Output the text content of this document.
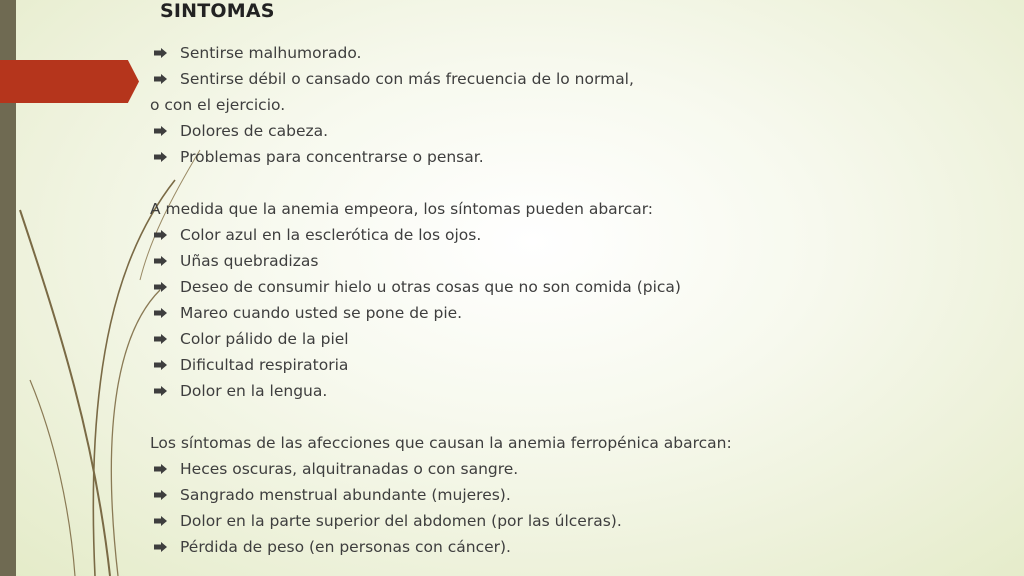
SINTOMAS
Sentirse malhumorado.
Sentirse débil o cansado con más frecuencia de lo normal,
o con el ejercicio.
Dolores de cabeza.
Problemas para concentrarse o pensar.
A medida que la anemia empeora, los síntomas pueden abarcar:
Color azul en la esclerótica de los ojos.
Uñas quebradizas
Deseo de consumir hielo u otras cosas que no son comida (pica)
Mareo cuando usted se pone de pie.
Color pálido de la piel
Dificultad respiratoria
Dolor en la lengua.
Los síntomas de las afecciones que causan la anemia ferropénica abarcan:
Heces oscuras, alquitranadas o con sangre.
Sangrado menstrual abundante (mujeres).
Dolor en la parte superior del abdomen (por las úlceras).
Pérdida de peso (en personas con cáncer).
